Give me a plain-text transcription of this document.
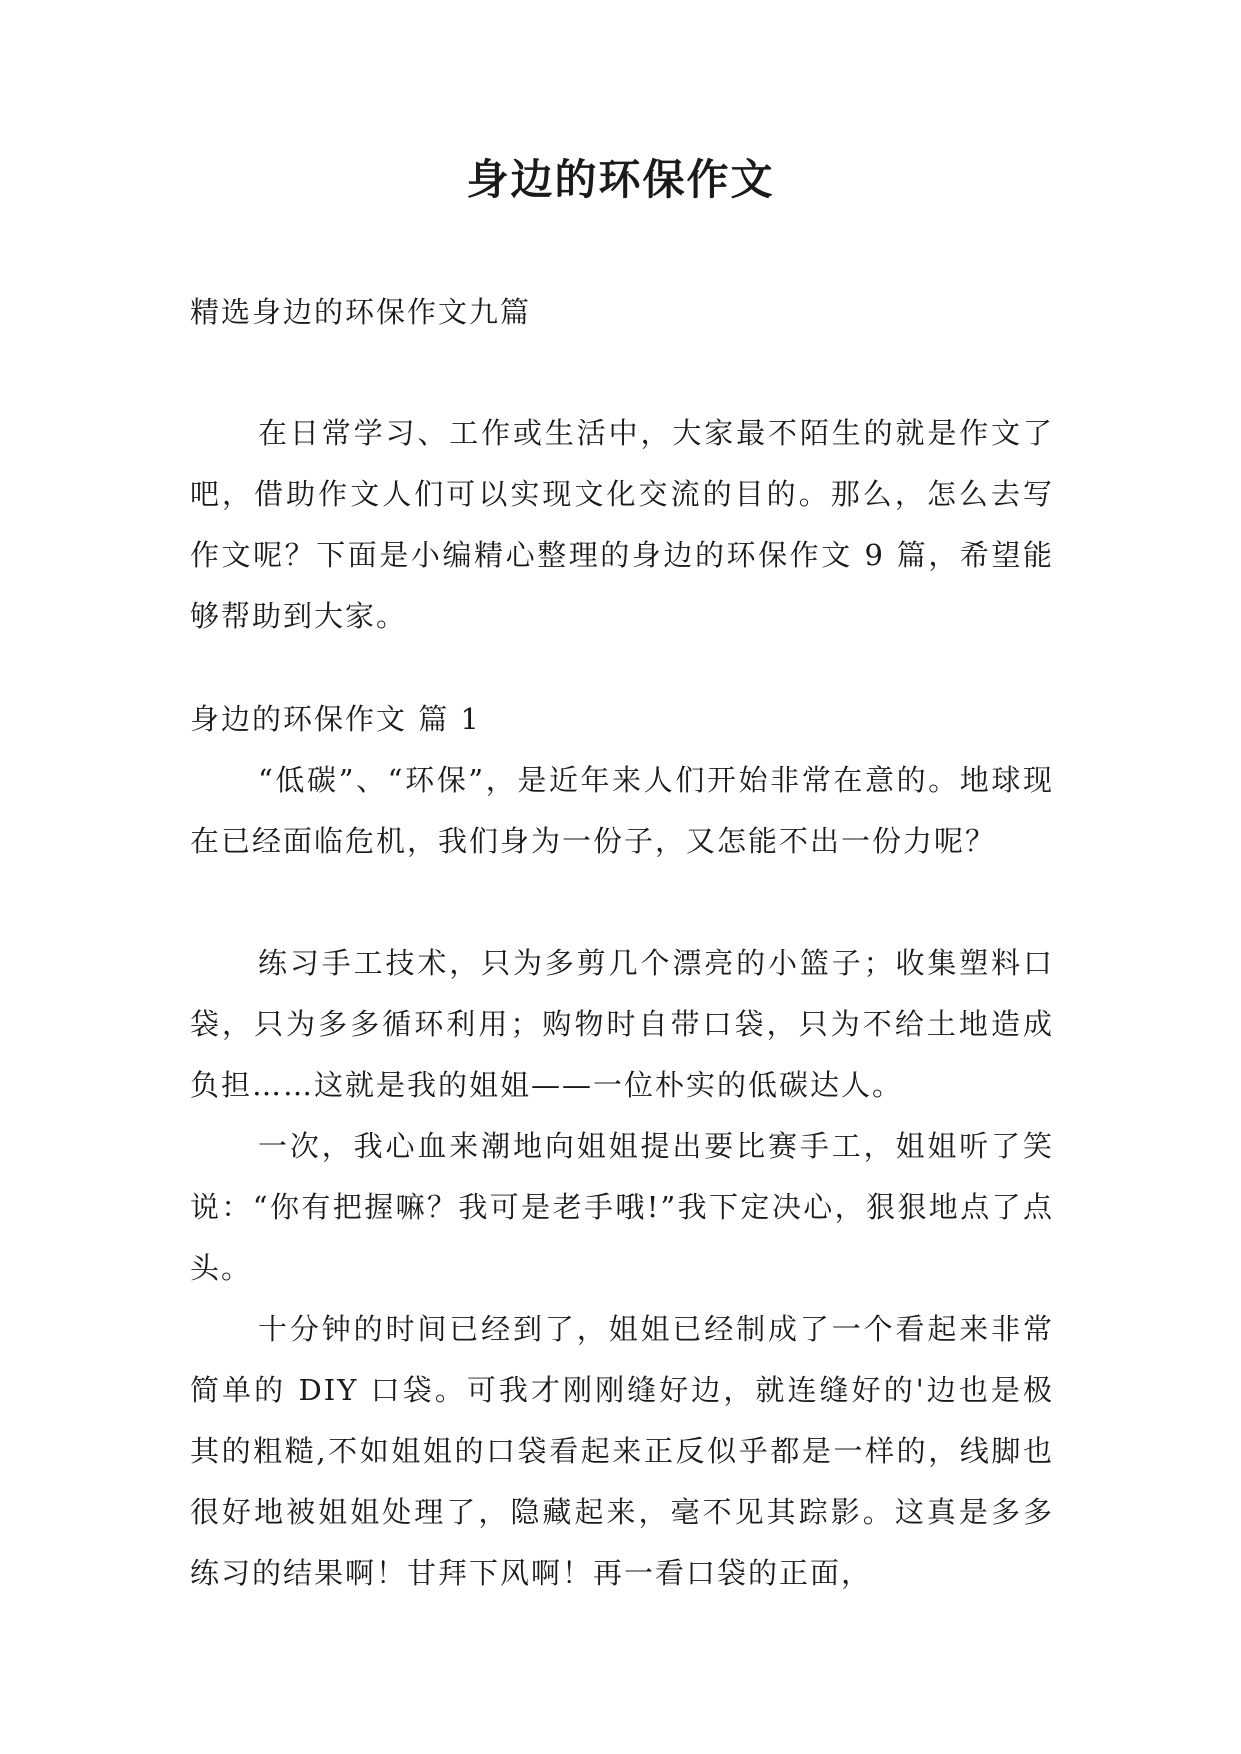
身边的环保作文

精选身边的环保作文九篇

在日常学习、工作或生活中，大家最不陌生的就是作文了吧，借助作文人们可以实现文化交流的目的。那么，怎么去写作文呢？下面是小编精心整理的身边的环保作文 9 篇，希望能够帮助到大家。

身边的环保作文 篇 1

“低碳”、“环保”，是近年来人们开始非常在意的。地球现在已经面临危机，我们身为一份子，又怎能不出一份力呢？

练习手工技术，只为多剪几个漂亮的小篮子；收集塑料口袋，只为多多循环利用；购物时自带口袋，只为不给土地造成负担……这就是我的姐姐——一位朴实的低碳达人。

一次，我心血来潮地向姐姐提出要比赛手工，姐姐听了笑说：“你有把握嘛？我可是老手哦!”我下定决心，狠狠地点了点头。

十分钟的时间已经到了，姐姐已经制成了一个看起来非常简单的 DIY 口袋。可我才刚刚缝好边，就连缝好的'边也是极其的粗糙,不如姐姐的口袋看起来正反似乎都是一样的，线脚也很好地被姐姐处理了，隐藏起来，毫不见其踪影。这真是多多练习的结果啊！甘拜下风啊！再一看口袋的正面，
